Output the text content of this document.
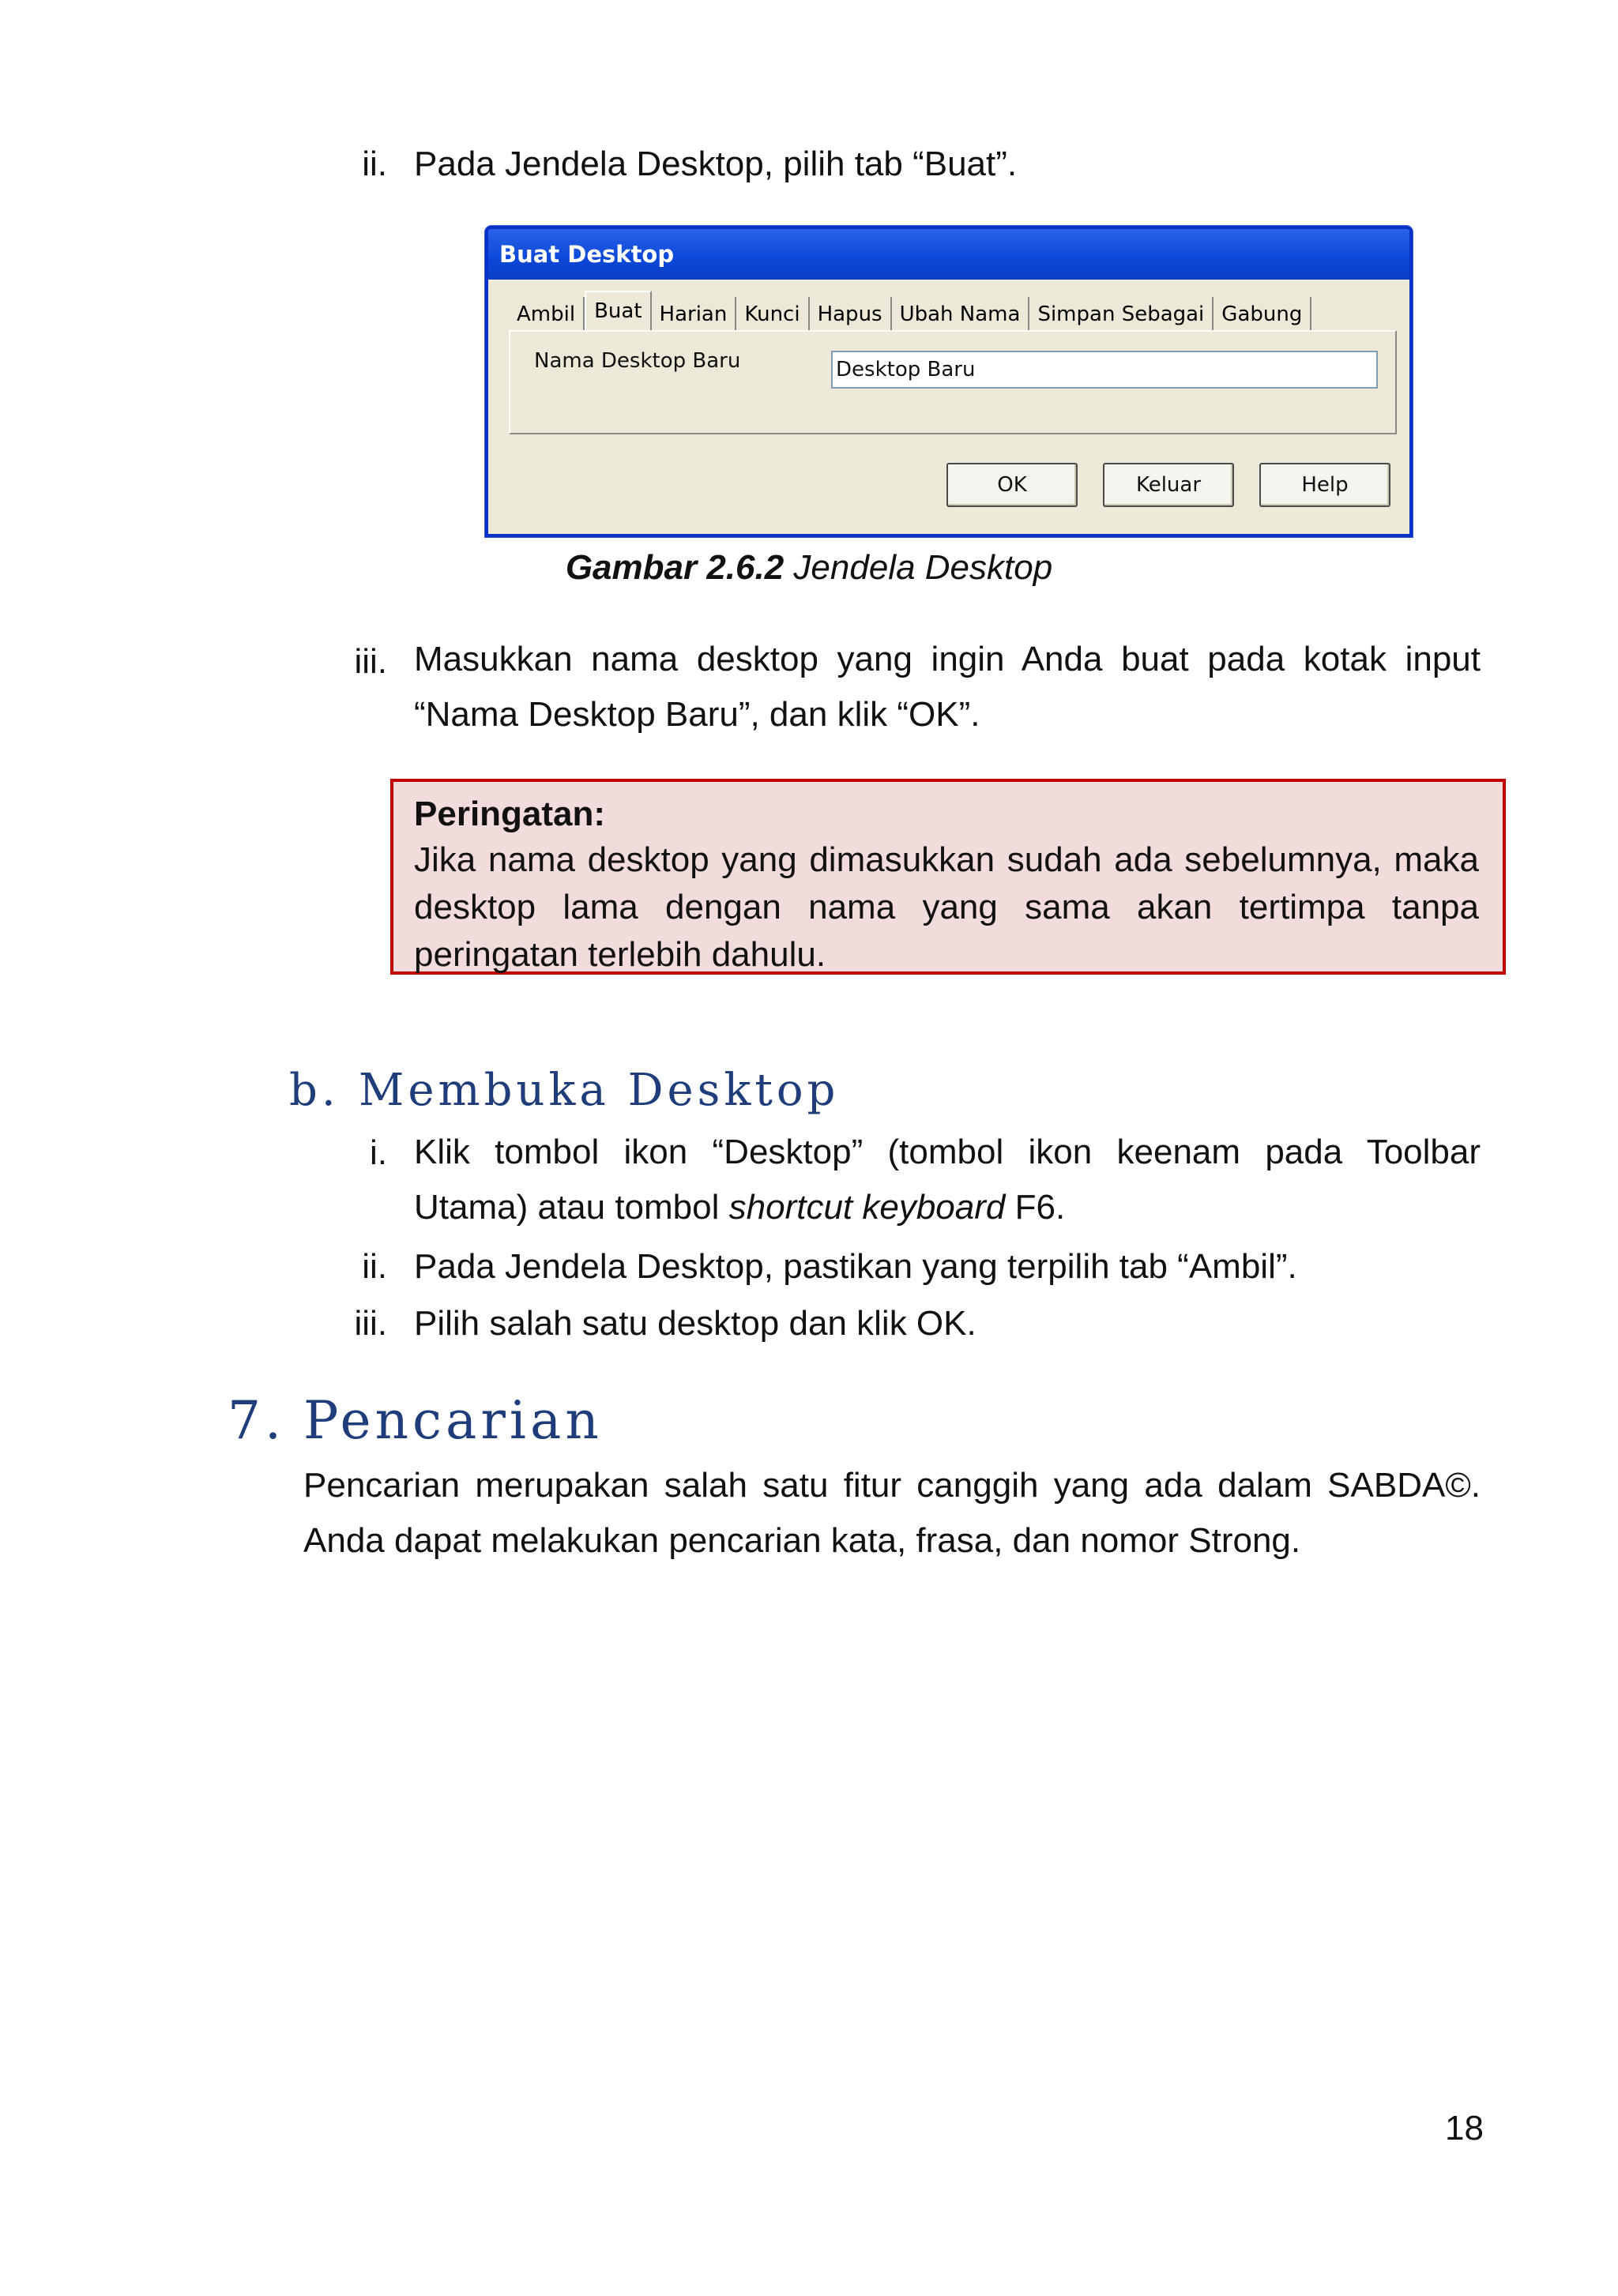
ii. Pada Jendela Desktop, pilih tab “Buat”.
Buat Desktop
Ambil Buat Harian Kunci Hapus Ubah Nama Simpan Sebagai Gabung
Nama Desktop Baru	Desktop Baru
OK	Keluar	Help
Gambar 2.6.2 Jendela Desktop
iii. Masukkan nama desktop yang ingin Anda buat pada kotak input
“Nama Desktop Baru”, dan klik “OK”.
Peringatan:
Jika nama desktop yang dimasukkan sudah ada sebelumnya, maka desktop lama dengan nama yang sama akan tertimpa tanpa peringatan terlebih dahulu.
b. Membuka Desktop
i. Klik tombol ikon “Desktop” (tombol ikon keenam pada Toolbar
Utama) atau tombol shortcut keyboard F6.
ii. Pada Jendela Desktop, pastikan yang terpilih tab “Ambil”.
iii. Pilih salah satu desktop dan klik OK.
7. Pencarian
Pencarian merupakan salah satu fitur canggih yang ada dalam SABDA©.
Anda dapat melakukan pencarian kata, frasa, dan nomor Strong.
18
